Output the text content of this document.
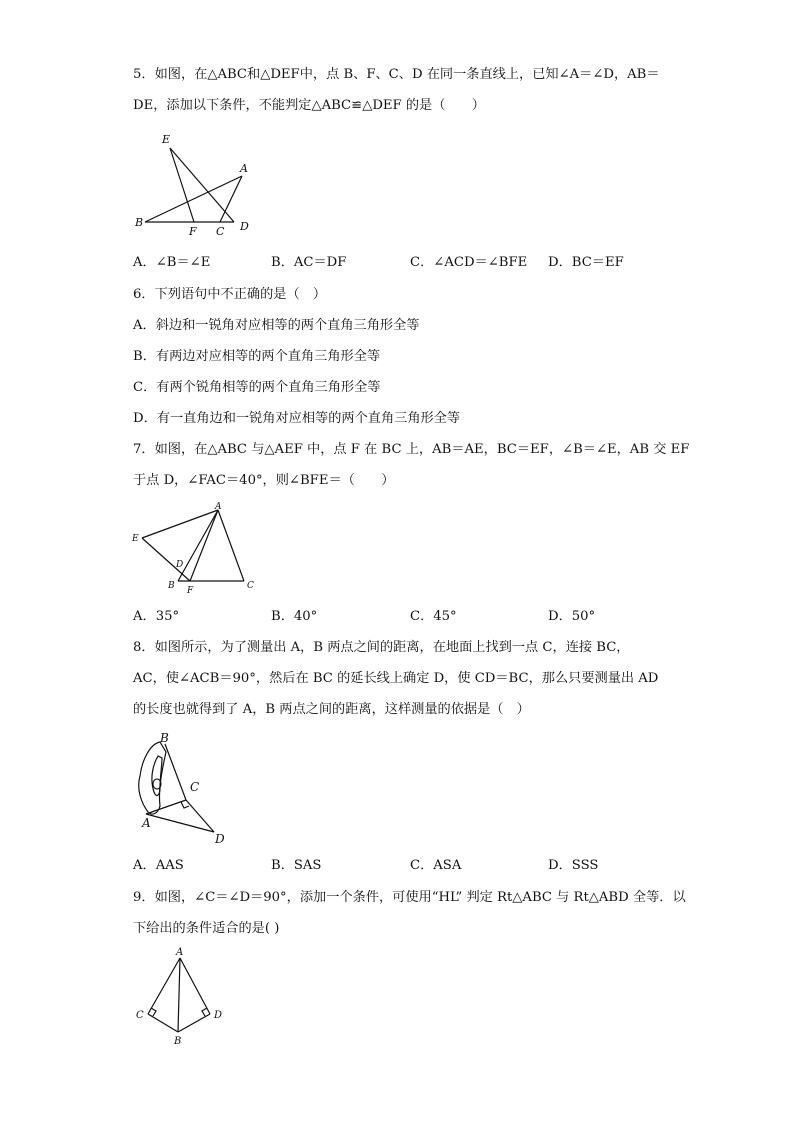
5．如图，在△ABC和△DEF中，点 B、F、C、D 在同一条直线上，已知∠A＝∠D，AB＝
DE，添加以下条件，不能判定△ABC≌△DEF 的是（　　）
E
A
B
F C D
A．∠B＝∠E	B．AC＝DF	C．∠ACD＝∠BFE D．BC＝EF
6．下列语句中不正确的是（　）
A．斜边和一锐角对应相等的两个直角三角形全等
B．有两边对应相等的两个直角三角形全等
C．有两个锐角相等的两个直角三角形全等
D．有一直角边和一锐角对应相等的两个直角三角形全等
7．如图，在△ABC 与△AEF 中，点 F 在 BC 上，AB＝AE，BC＝EF，∠B＝∠E，AB 交 EF
于点 D，∠FAC＝40°，则∠BFE＝（　　）
A
E
D
B F	C
A．35°	B．40°	C．45°	D．50°
8．如图所示，为了测量出 A，B 两点之间的距离，在地面上找到一点 C，连接 BC，
AC，使∠ACB＝90°，然后在 BC 的延长线上确定 D，使 CD＝BC，那么只要测量出 AD
的长度也就得到了 A，B 两点之间的距离，这样测量的依据是（　）
B
C
A
D
A．AAS	B．SAS	C．ASA	D．SSS
9．如图，∠C＝∠D＝90°，添加一个条件，可使用“HL” 判定 Rt△ABC 与 Rt△ABD 全等．以
下给出的条件适合的是( )
A
C	D
B
